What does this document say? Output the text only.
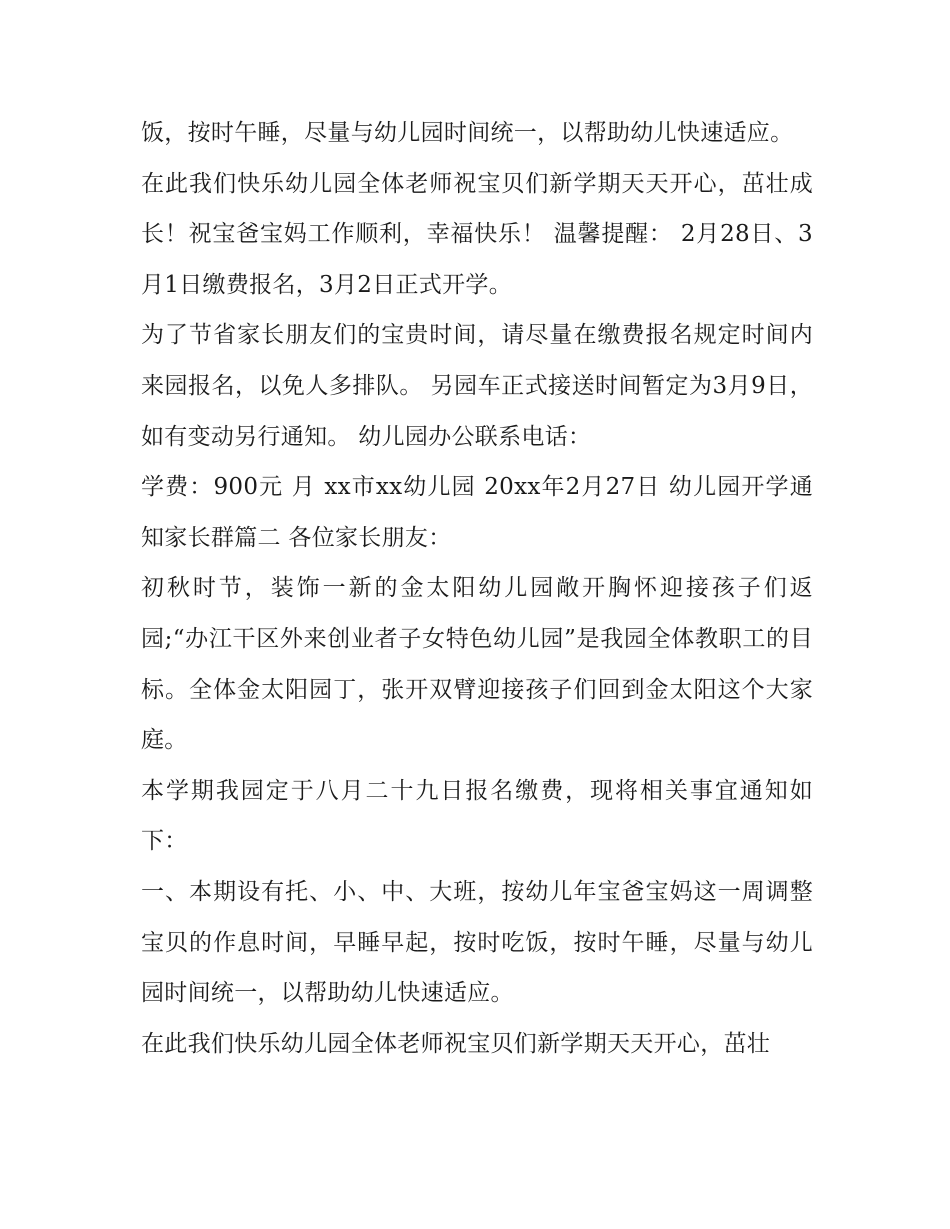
饭，按时午睡，尽量与幼儿园时间统一，以帮助幼儿快速适应。

在此我们快乐幼儿园全体老师祝宝贝们新学期天天开心，茁壮成长！祝宝爸宝妈工作顺利，幸福快乐！ 温馨提醒： 2月28日、3月1日缴费报名，3月2日正式开学。

为了节省家长朋友们的宝贵时间，请尽量在缴费报名规定时间内来园报名，以免人多排队。 另园车正式接送时间暂定为3月9日，如有变动另行通知。 幼儿园办公联系电话：

学费：900元 月 xx市xx幼儿园 20xx年2月27日 幼儿园开学通知家长群篇二 各位家长朋友：

初秋时节，装饰一新的金太阳幼儿园敞开胸怀迎接孩子们返园;“办江干区外来创业者子女特色幼儿园”是我园全体教职工的目标。全体金太阳园丁，张开双臂迎接孩子们回到金太阳这个大家庭。

本学期我园定于八月二十九日报名缴费，现将相关事宜通知如下：

一、本期设有托、小、中、大班，按幼儿年宝爸宝妈这一周调整宝贝的作息时间，早睡早起，按时吃饭，按时午睡，尽量与幼儿园时间统一，以帮助幼儿快速适应。

在此我们快乐幼儿园全体老师祝宝贝们新学期天天开心，茁壮
